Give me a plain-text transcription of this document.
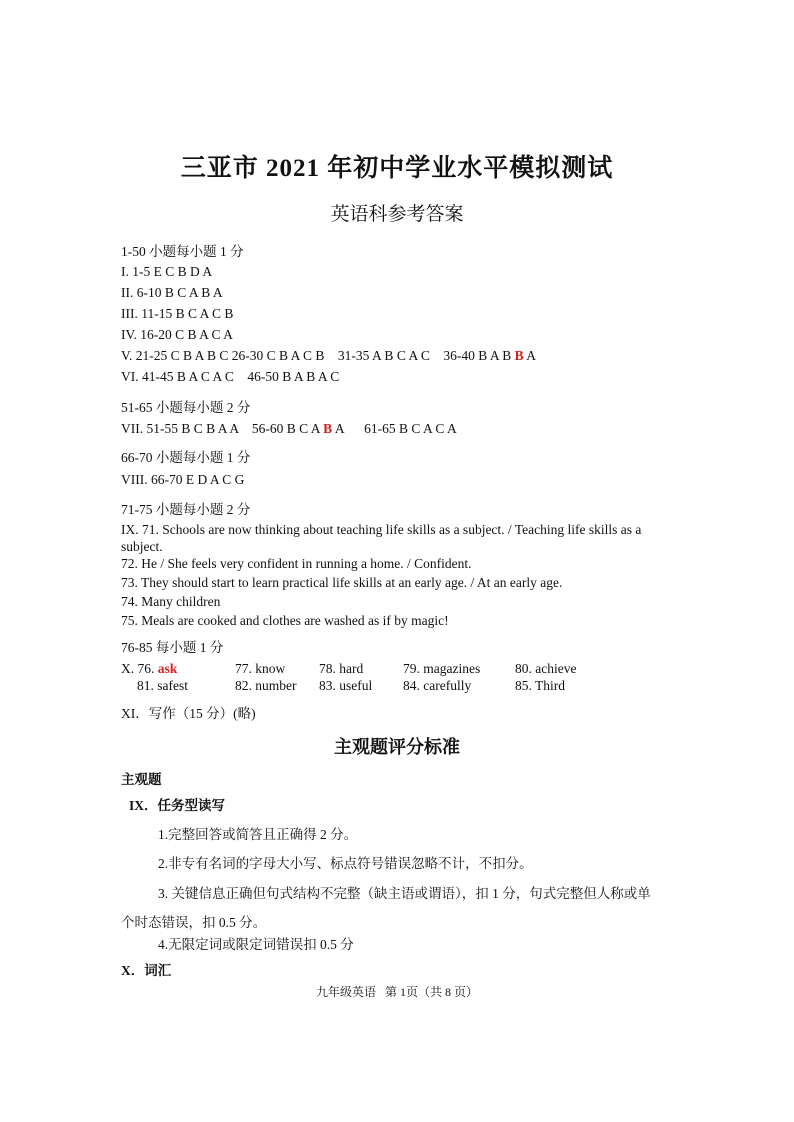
三亚市 2021 年初中学业水平模拟测试
英语科参考答案
1-50 小题每小题 1 分
I. 1-5 E C B D A
II. 6-10 B C A B A
III. 11-15 B C A C B
IV. 16-20 C B A C A
V. 21-25 C B A B C 26-30 C B A C B    31-35 A B C A C    36-40 B A B B A
VI. 41-45 B A C A C    46-50 B A B A C
51-65 小题每小题 2 分
VII. 51-55 B C B A A    56-60 B C A B A      61-65 B C A C A
66-70 小题每小题 1 分
VIII. 66-70 E D A C G
71-75 小题每小题 2 分
IX. 71. Schools are now thinking about teaching life skills as a subject. / Teaching life skills as a
subject.
72. He / She feels very confident in running a home. / Confident.
73. They should start to learn practical life skills at an early age. / At an early age.
74. Many children
75. Meals are cooked and clothes are washed as if by magic!
76-85 每小题 1 分
X. 76. ask	77. know	78. hard	79. magazines	80. achieve
81. safest	82. number 83. useful 84. carefully	85. Third
XI．写作（15 分）(略)
主观题评分标准
主观题
IX．任务型读写
1.完整回答或简答且正确得 2 分。
2.非专有名词的字母大小写、标点符号错误忽略不计，不扣分。
3. 关键信息正确但句式结构不完整（缺主语或谓语），扣 1 分，句式完整但人称或单
个时态错误，扣 0.5 分。
4.无限定词或限定词错误扣 0.5 分
X．词汇
九年级英语   第 1页（共 8 页）
